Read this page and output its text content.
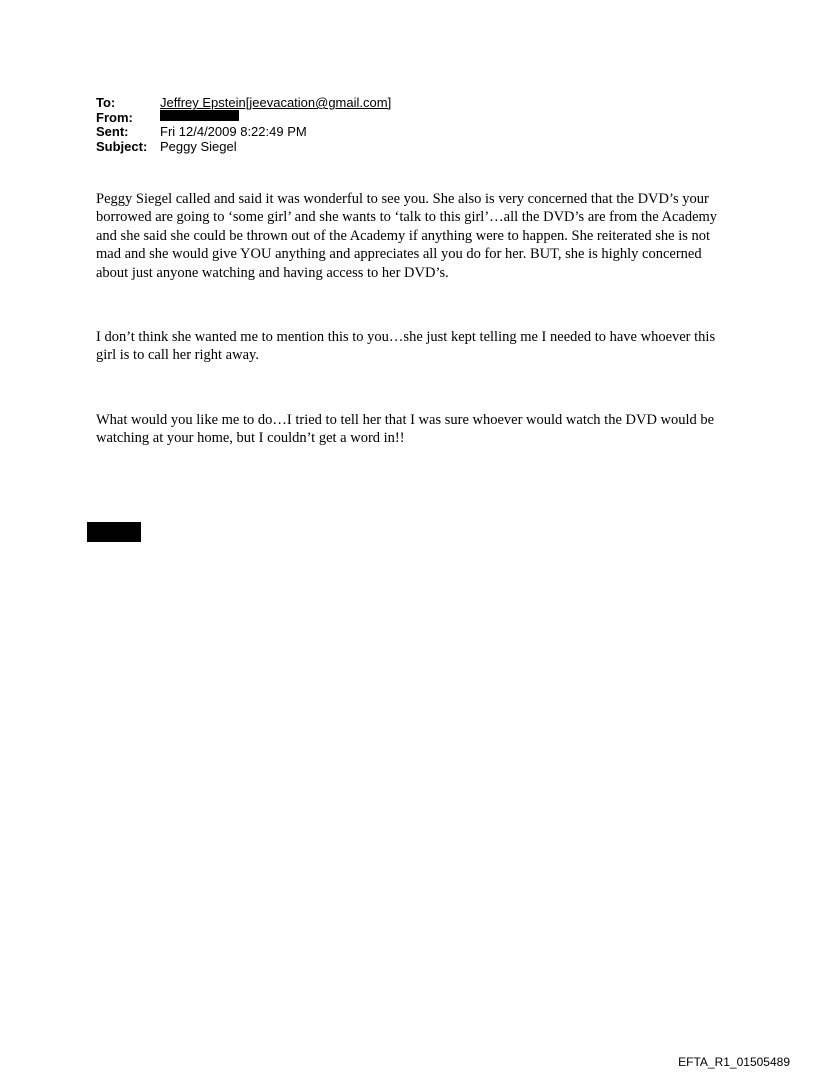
To:	Jeffrey Epstein[jeevacation@gmail.com]
From:

Sent:	Fri 12/4/2009 8:22:49 PM
Subject: Peggy Siegel

Peggy Siegel called and said it was wonderful to see you. She also is very concerned that the DVD’s your borrowed are going to ‘some girl’ and she wants to ‘talk to this girl’…all the DVD’s are from the Academy and she said she could be thrown out of the Academy if anything were to happen. She reiterated she is not mad and she would give YOU anything and appreciates all you do for her. BUT, she is highly concerned about just anyone watching and having access to her DVD’s.

I don’t think she wanted me to mention this to you…she just kept telling me I needed to have whoever this girl is to call her right away.

What would you like me to do…I tried to tell her that I was sure whoever would watch the DVD would be watching at your home, but I couldn’t get a word in!!

EFTA_R1_01505489
